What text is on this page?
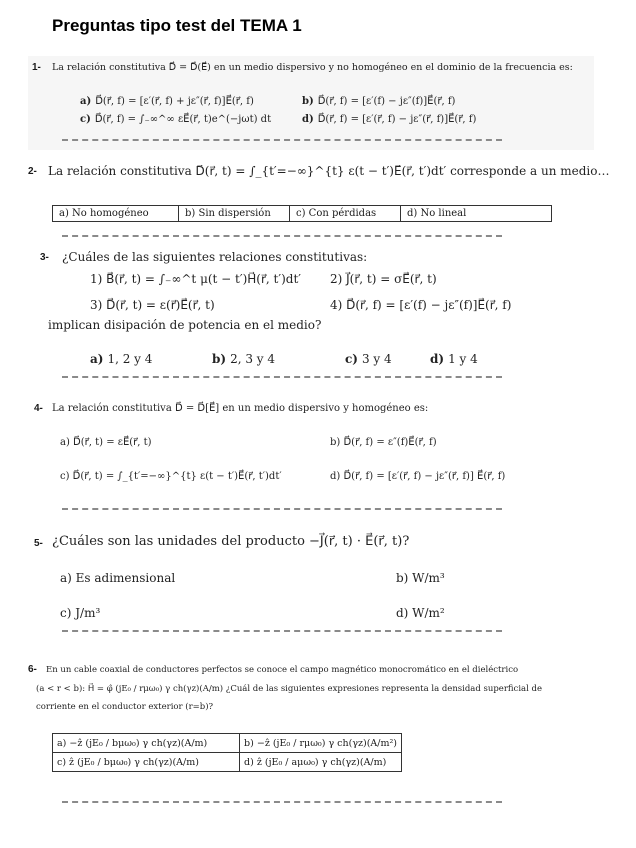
Preguntas tipo test del TEMA 1
1- La relación constitutiva D⃗ = D⃗(E⃗) en un medio dispersivo y no homogéneo en el dominio de la frecuencia es:
a) D⃗(r⃗, f) = [ε′(r⃗, f) + jε″(r⃗, f)]E⃗(r⃗, f)	b) D⃗(r⃗, f) = [ε′(f) − jε″(f)]E⃗(r⃗, f)
c) D⃗(r⃗, f) = ∫₋∞^∞ εE⃗(r⃗, t)e^(−jωt) dt	d) D⃗(r⃗, f) = [ε′(r⃗, f) − jε″(r⃗, f)]E⃗(r⃗, f)
2- La relación constitutiva D⃗(r⃗, t) = ∫_{t′=−∞}^{t} ε(t − t′)E⃗(r⃗, t′)dt′ corresponde a un medio…
a) No homogéneo	b) Sin dispersión	c) Con pérdidas	d) No lineal
3- ¿Cuáles de las siguientes relaciones constitutivas:
1) B⃗(r⃗, t) = ∫₋∞^t μ(t − t′)H⃗(r⃗, t′)dt′ 2) J⃗(r⃗, t) = σE⃗(r⃗, t)
3) D⃗(r⃗, t) = ε(r⃗)E⃗(r⃗, t)	4) D⃗(r⃗, f) = [ε′(f) − jε″(f)]E⃗(r⃗, f)
implican disipación de potencia en el medio?
a) 1, 2 y 4	b) 2, 3 y 4	c) 3 y 4	d) 1 y 4
4- La relación constitutiva D⃗ = D⃗[E⃗] en un medio dispersivo y homogéneo es:
a) D⃗(r⃗, t) = εE⃗(r⃗, t)	b) D⃗(r⃗, f) = ε″(f)E⃗(r⃗, f)
c) D⃗(r⃗, t) = ∫_{t′=−∞}^{t} ε(t − t′)E⃗(r⃗, t′)dt′	d) D⃗(r⃗, f) = [ε′(r⃗, f) − jε″(r⃗, f)] E⃗(r⃗, f)
5- ¿Cuáles son las unidades del producto −J⃗(r⃗, t) · E⃗(r⃗, t)?
a) Es adimensional	b) W/m³
c) J/m³	d) W/m²
6- En un cable coaxial de conductores perfectos se conoce el campo magnético monocromático en el dieléctrico
(a < r < b): H⃗ = φ̂ (jE₀ / rμω₀) γ ch(γz)(A/m) ¿Cuál de las siguientes expresiones representa la densidad superficial de
corriente en el conductor exterior (r=b)?
a) −ẑ (jE₀ / bμω₀) γ ch(γz)(A/m)	b) −ẑ (jE₀ / rμω₀) γ ch(γz)(A/m²)
c) ẑ (jE₀ / bμω₀) γ ch(γz)(A/m)	d) ẑ (jE₀ / aμω₀) γ ch(γz)(A/m)
